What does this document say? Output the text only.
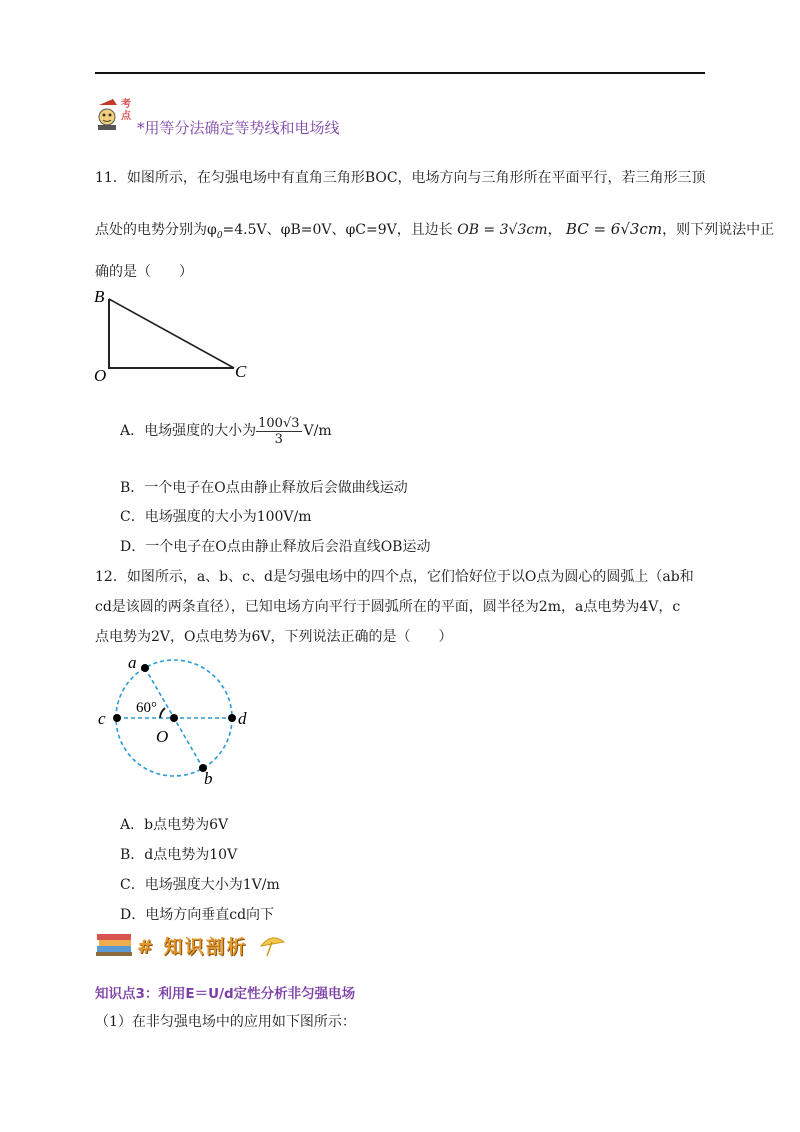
考
点
*用等分法确定等势线和电场线
11．如图所示，在匀强电场中有直角三角形BOC，电场方向与三角形所在平面平行，若三角形三顶
点处的电势分别为$\varphi_0=4.5V$、φB=0V、φC=9V，且边长 OB = 3√3cm， BC = 6√3cm，则下列说法中正
确的是（　　）
B
O	C
A．电场强度的大小为 $\frac{100√3}{3} V/m$
B．一个电子在O点由静止释放后会做曲线运动
C．电场强度的大小为100V/m
D．一个电子在O点由静止释放后会沿直线OB运动
12．如图所示，a、b、c、d是匀强电场中的四个点，它们恰好位于以O点为圆心的圆弧上（ab和
cd是该圆的两条直径），已知电场方向平行于圆弧所在的平面，圆半径为2m，a点电势为4V，c
点电势为2V，O点电势为6V，下列说法正确的是（　　）
a
b
c	d
O
60°
A．b点电势为6V
B．d点电势为10V
C．电场强度大小为1V/m
D．电场方向垂直cd向下
# 知识剖析
知识点3：利用E＝U/d定性分析非匀强电场
（1）在非匀强电场中的应用如下图所示：
